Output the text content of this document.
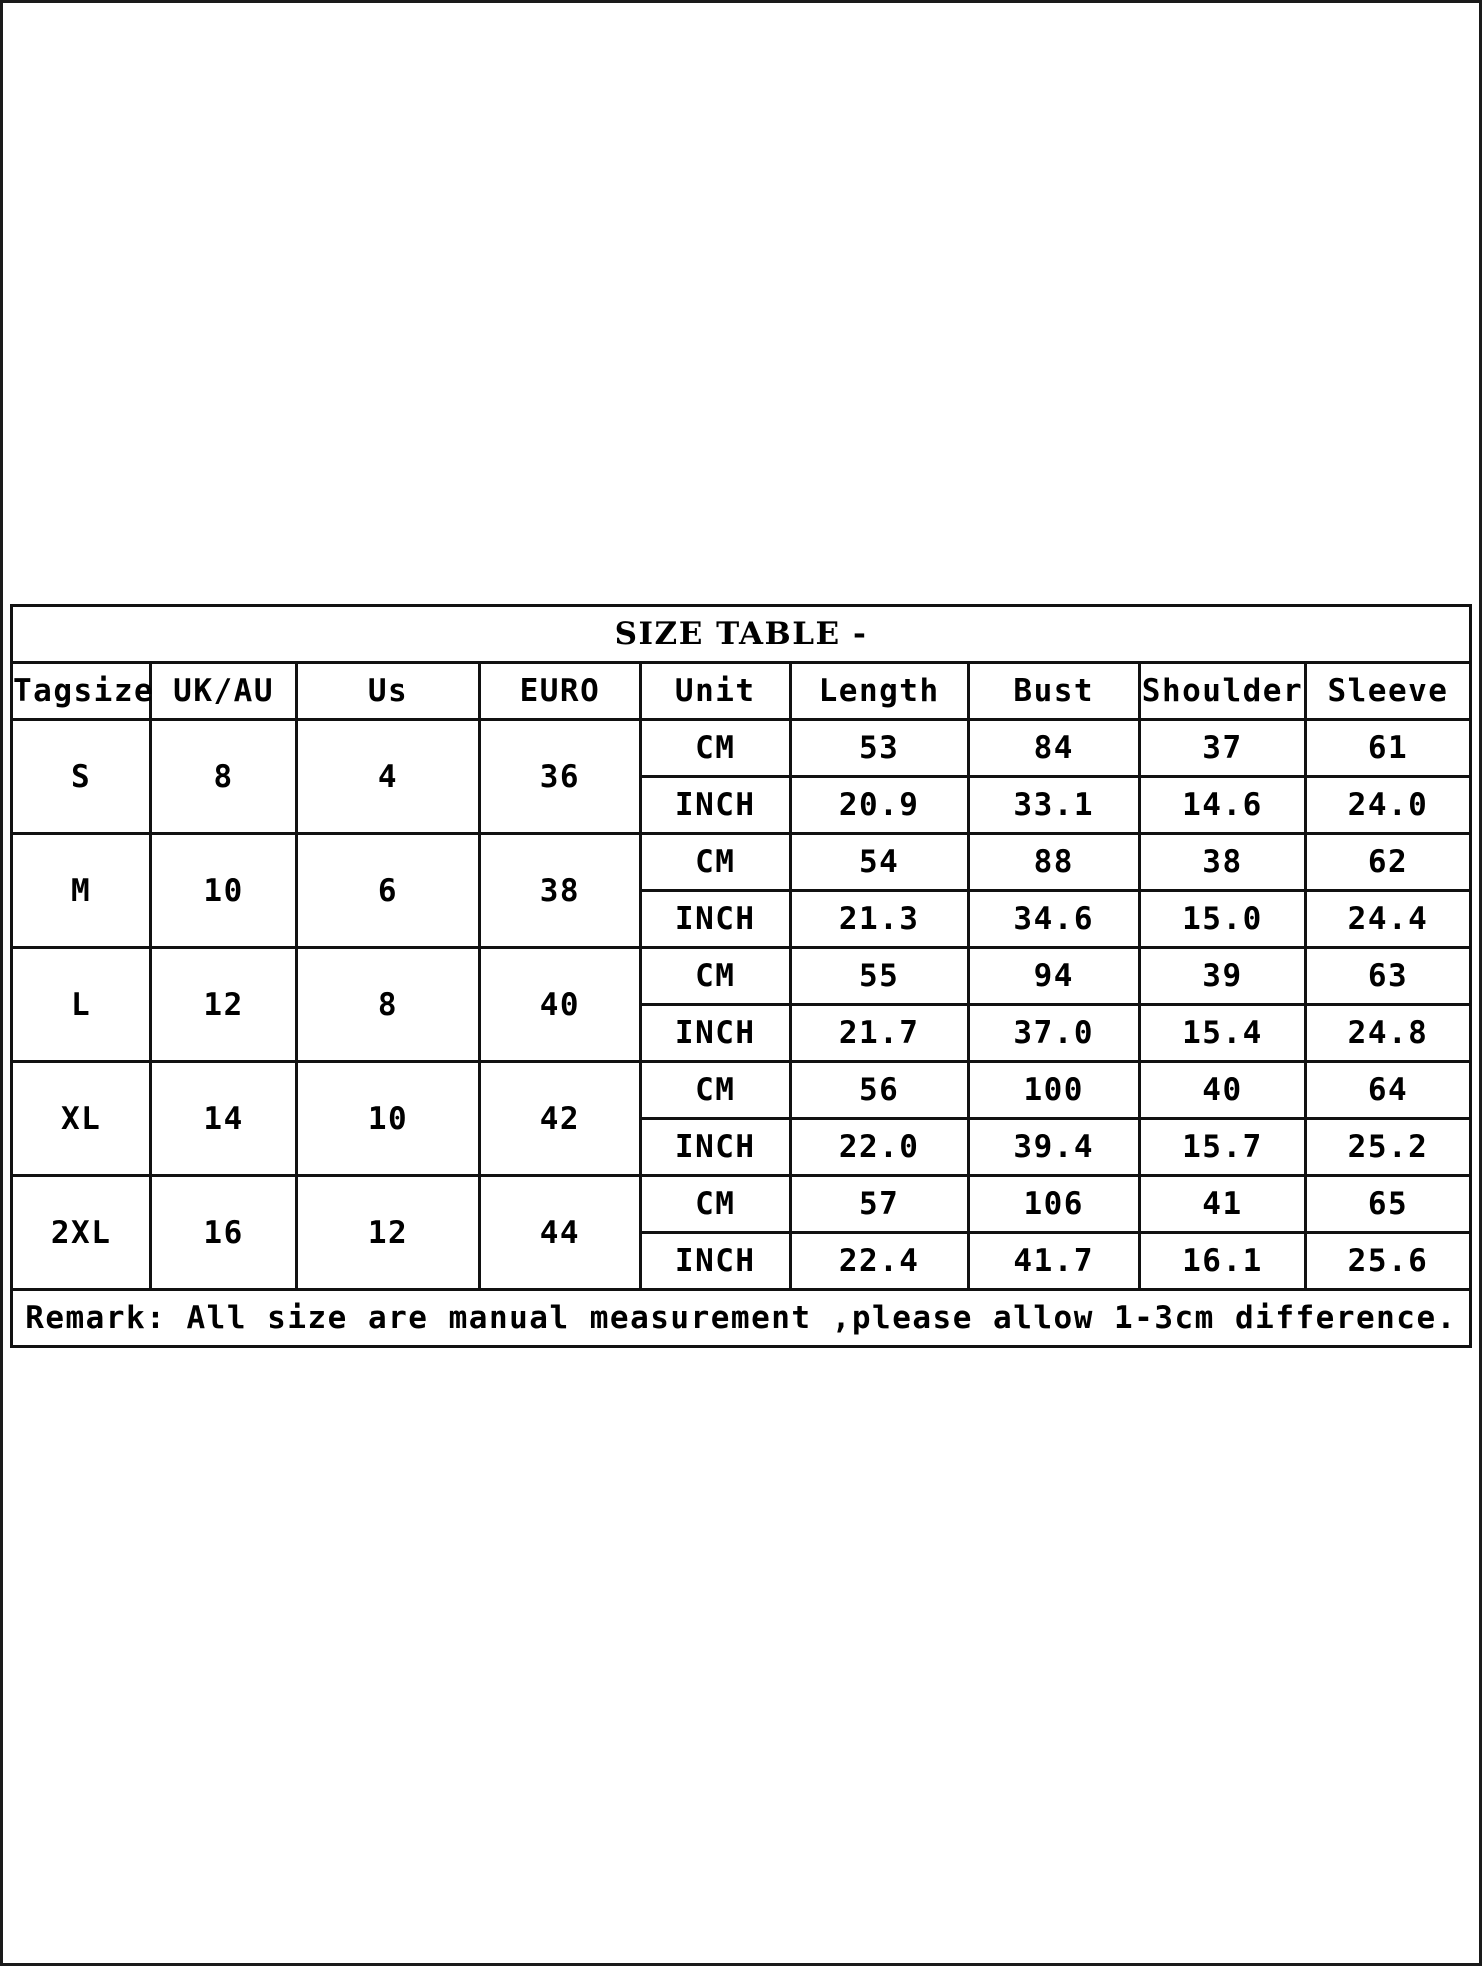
SIZE TABLE -								
Tagsize	UK/AU	Us	EURO	Unit	Length	Bust	Shoulder	Sleeve
S	8	4	36	CM	53	84	37	61
				INCH	20.9	33.1	14.6	24.0
M	10	6	38	CM	54	88	38	62
				INCH	21.3	34.6	15.0	24.4
L	12	8	40	CM	55	94	39	63
				INCH	21.7	37.0	15.4	24.8
XL	14	10	42	CM	56	100	40	64
				INCH	22.0	39.4	15.7	25.2
2XL	16	12	44	CM	57	106	41	65
				INCH	22.4	41.7	16.1	25.6
Remark: All size are manual measurement ,please allow 1-3cm difference.								
